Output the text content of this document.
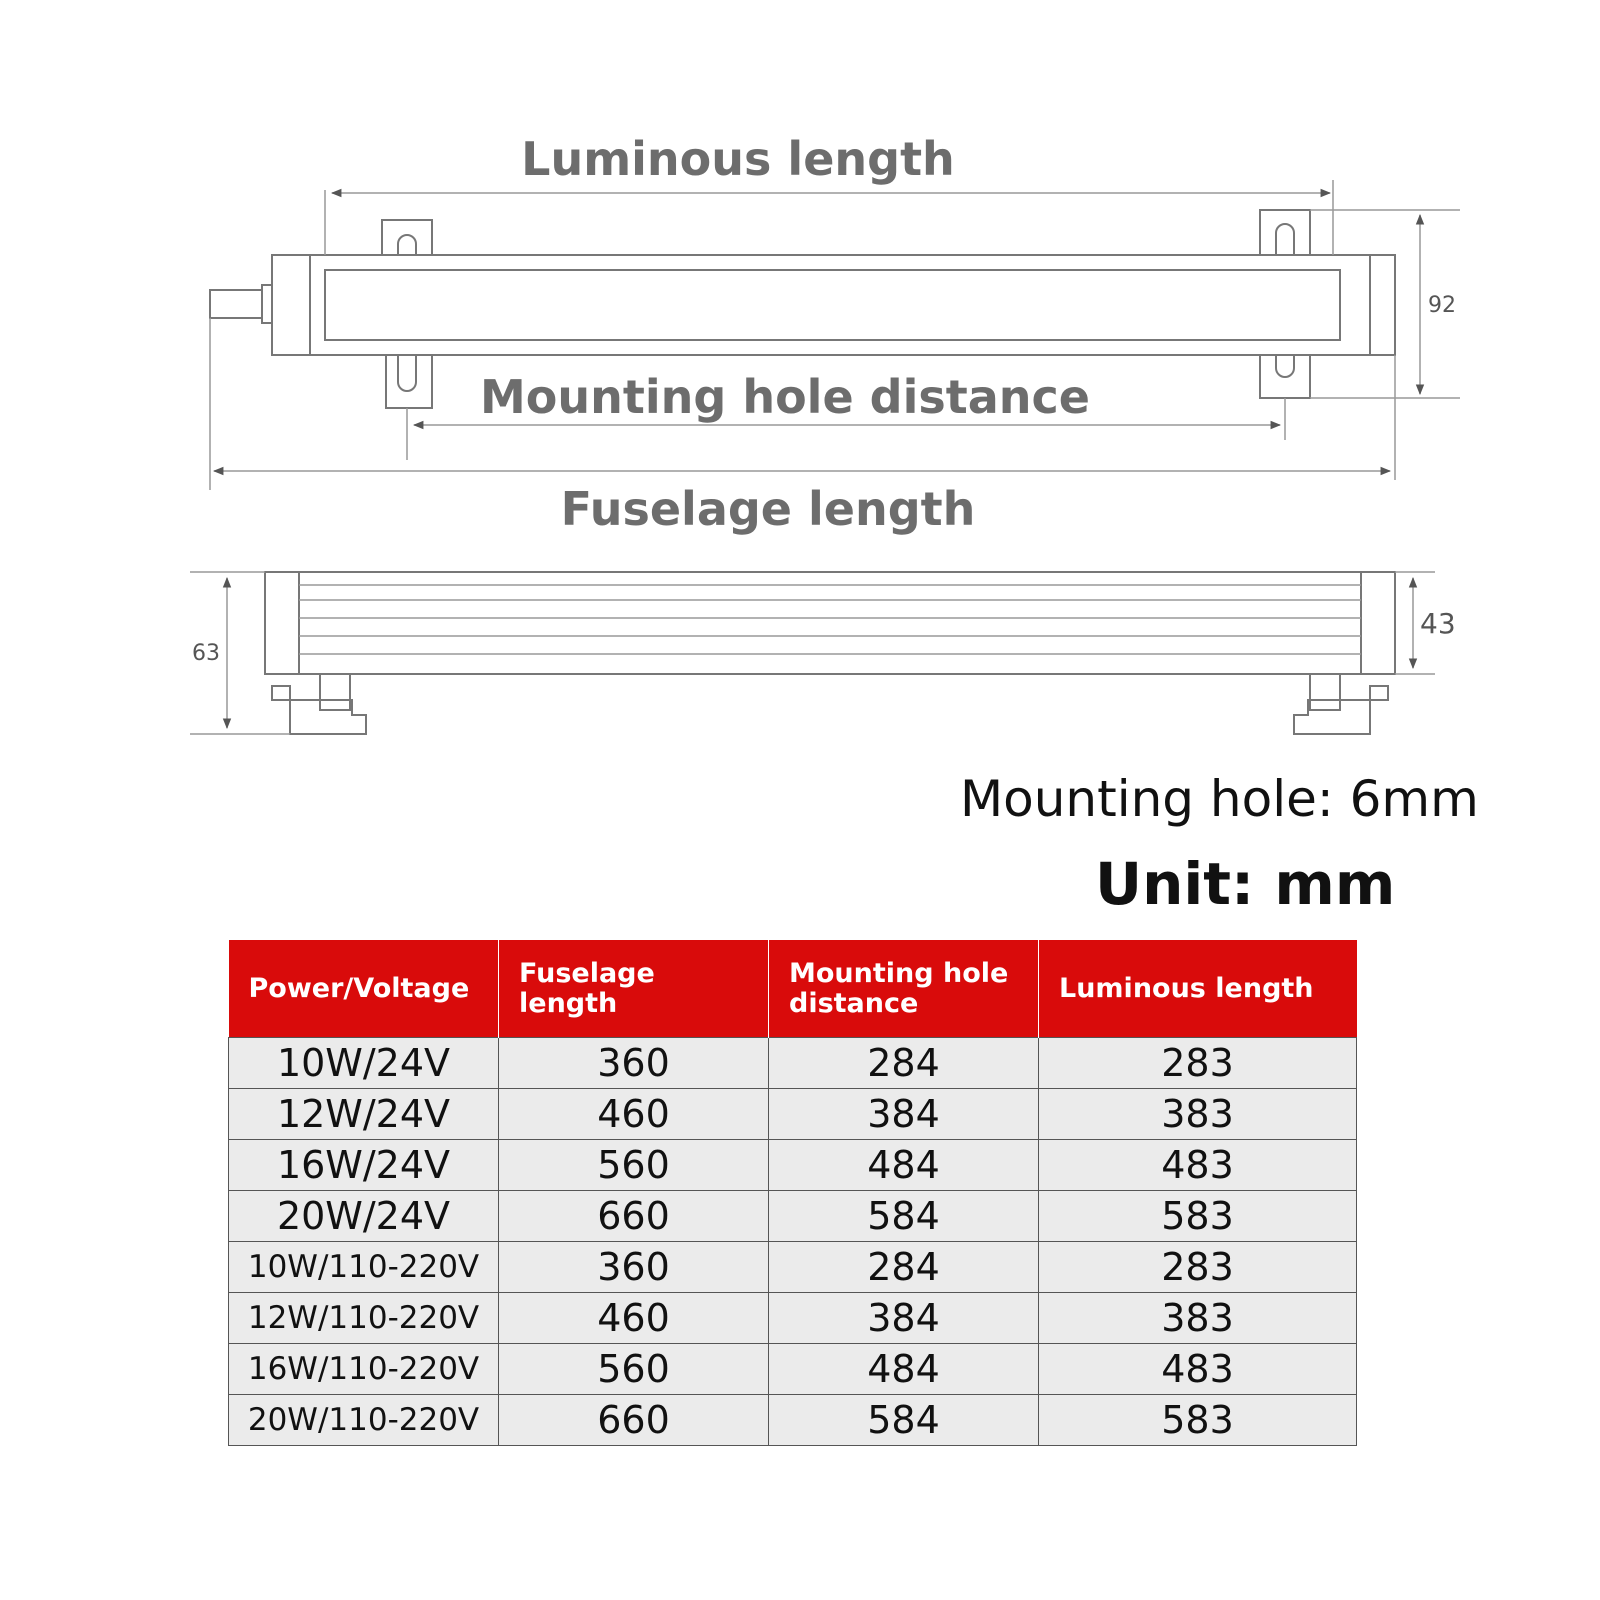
Luminous length
Mounting hole distance
Fuselage length
92
63
43
Mounting hole: 6mm
Unit: mm
Power/Voltage	Fuselage length	Mounting hole distance	Luminous length
10W/24V	360	284	283
12W/24V	460	384	383
16W/24V	560	484	483
20W/24V	660	584	583
10W/110-220V	360	284	283
12W/110-220V	460	384	383
16W/110-220V	560	484	483
20W/110-220V	660	584	583
